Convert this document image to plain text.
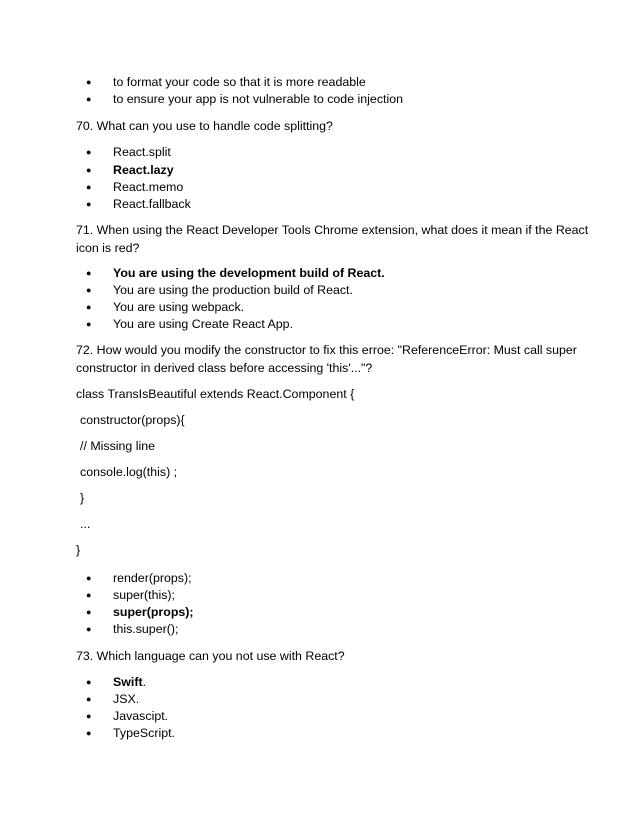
● to format your code so that it is more readable
● to ensure your app is not vulnerable to code injection
70. What can you use to handle code splitting?
● React.split
● React.lazy
● React.memo
● React.fallback
71. When using the React Developer Tools Chrome extension, what does it mean if the React
icon is red?
● You are using the development build of React.
● You are using the production build of React.
● You are using webpack.
● You are using Create React App.
72. How would you modify the constructor to fix this erroe: "ReferenceError: Must call super
constructor in derived class before accessing 'this'..."?
class TransIsBeautiful extends React.Component {
constructor(props){
// Missing line
console.log(this) ;
}
...
}
● render(props);
● super(this);
● super(props);
● this.super();
73. Which language can you not use with React?
● Swift.
● JSX.
● Javascipt.
● TypeScript.
